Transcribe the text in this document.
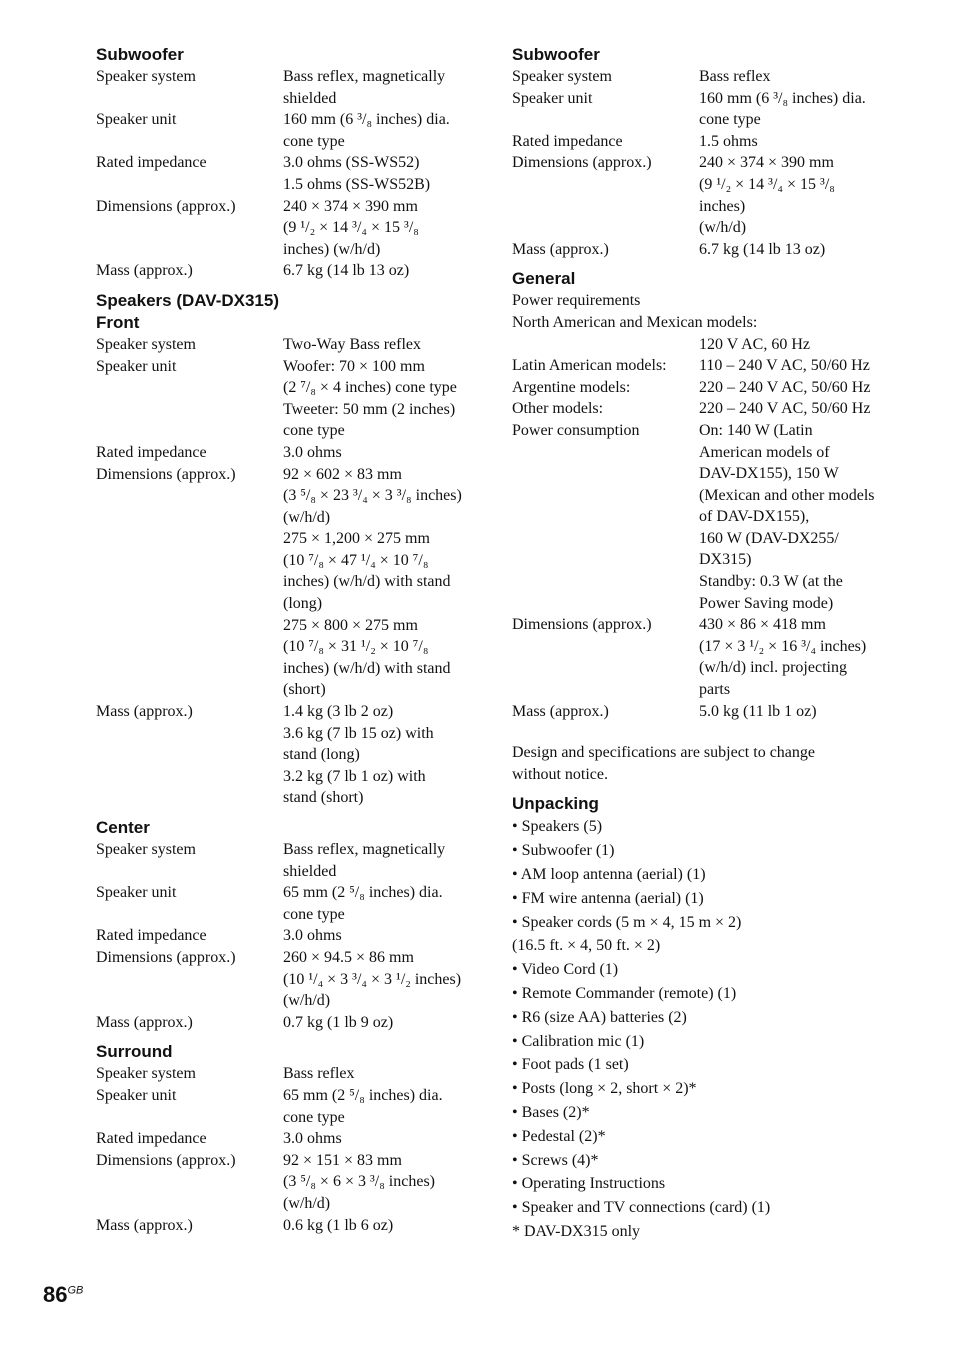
Subwoofer
Speaker system	Bass reflex, magnetically
shielded
Speaker unit	160 mm (6 ³/₈ inches) dia.
cone type
Rated impedance	3.0 ohms (SS-WS52)
1.5 ohms (SS-WS52B)
Dimensions (approx.)	240 × 374 × 390 mm
(9 ¹/₂ × 14 ³/₄ × 15 ³/₈
inches) (w/h/d)
Mass (approx.)	6.7 kg (14 lb 13 oz)
Speakers (DAV-DX315)
Front
Speaker system	Two-Way Bass reflex
Speaker unit	Woofer: 70 × 100 mm
(2 ⁷/₈ × 4 inches) cone type
Tweeter: 50 mm (2 inches)
cone type
Rated impedance	3.0 ohms
Dimensions (approx.)	92 × 602 × 83 mm
(3 ⁵/₈ × 23 ³/₄ × 3 ³/₈ inches)
(w/h/d)
275 × 1,200 × 275 mm
(10 ⁷/₈ × 47 ¹/₄ × 10 ⁷/₈
inches) (w/h/d) with stand
(long)
275 × 800 × 275 mm
(10 ⁷/₈ × 31 ¹/₂ × 10 ⁷/₈
inches) (w/h/d) with stand
(short)
Mass (approx.)	1.4 kg (3 lb 2 oz)
3.6 kg (7 lb 15 oz) with
stand (long)
3.2 kg (7 lb 1 oz) with
stand (short)
Center
Speaker system	Bass reflex, magnetically
shielded
Speaker unit	65 mm (2 ⁵/₈ inches) dia.
cone type
Rated impedance	3.0 ohms
Dimensions (approx.)	260 × 94.5 × 86 mm
(10 ¹/₄ × 3 ³/₄ × 3 ¹/₂ inches)
(w/h/d)
Mass (approx.)	0.7 kg (1 lb 9 oz)
Surround
Speaker system	Bass reflex
Speaker unit	65 mm (2 ⁵/₈ inches) dia.
cone type
Rated impedance	3.0 ohms
Dimensions (approx.)	92 × 151 × 83 mm
(3 ⁵/₈ × 6 × 3 ³/₈ inches)
(w/h/d)
Mass (approx.)	0.6 kg (1 lb 6 oz)
Subwoofer
Speaker system	Bass reflex
Speaker unit	160 mm (6 ³/₈ inches) dia.
cone type
Rated impedance	1.5 ohms
Dimensions (approx.)	240 × 374 × 390 mm
(9 ¹/₂ × 14 ³/₄ × 15 ³/₈
inches)
(w/h/d)
Mass (approx.)	6.7 kg (14 lb 13 oz)
General
Power requirements
North American and Mexican models:
120 V AC, 60 Hz
Latin American models:	110 – 240 V AC, 50/60 Hz
Argentine models:	220 – 240 V AC, 50/60 Hz
Other models:	220 – 240 V AC, 50/60 Hz
Power consumption	On: 140 W (Latin
American models of
DAV-DX155), 150 W
(Mexican and other models
of DAV-DX155),
160 W (DAV-DX255/
DX315)
Standby: 0.3 W (at the
Power Saving mode)
Dimensions (approx.)	430 × 86 × 418 mm
(17 × 3 ¹/₂ × 16 ³/₄ inches)
(w/h/d) incl. projecting
parts
Mass (approx.)	5.0 kg (11 lb 1 oz)
Design and specifications are subject to change
without notice.
Unpacking
• Speakers (5)
• Subwoofer (1)
• AM loop antenna (aerial) (1)
• FM wire antenna (aerial) (1)
• Speaker cords (5 m × 4, 15 m × 2)
(16.5 ft. × 4, 50 ft. × 2)
• Video Cord (1)
• Remote Commander (remote) (1)
• R6 (size AA) batteries (2)
• Calibration mic (1)
• Foot pads (1 set)
• Posts (long × 2, short × 2)*
• Bases (2)*
• Pedestal (2)*
• Screws (4)*
• Operating Instructions
• Speaker and TV connections (card) (1)
* DAV-DX315 only
$86^{GB}$
